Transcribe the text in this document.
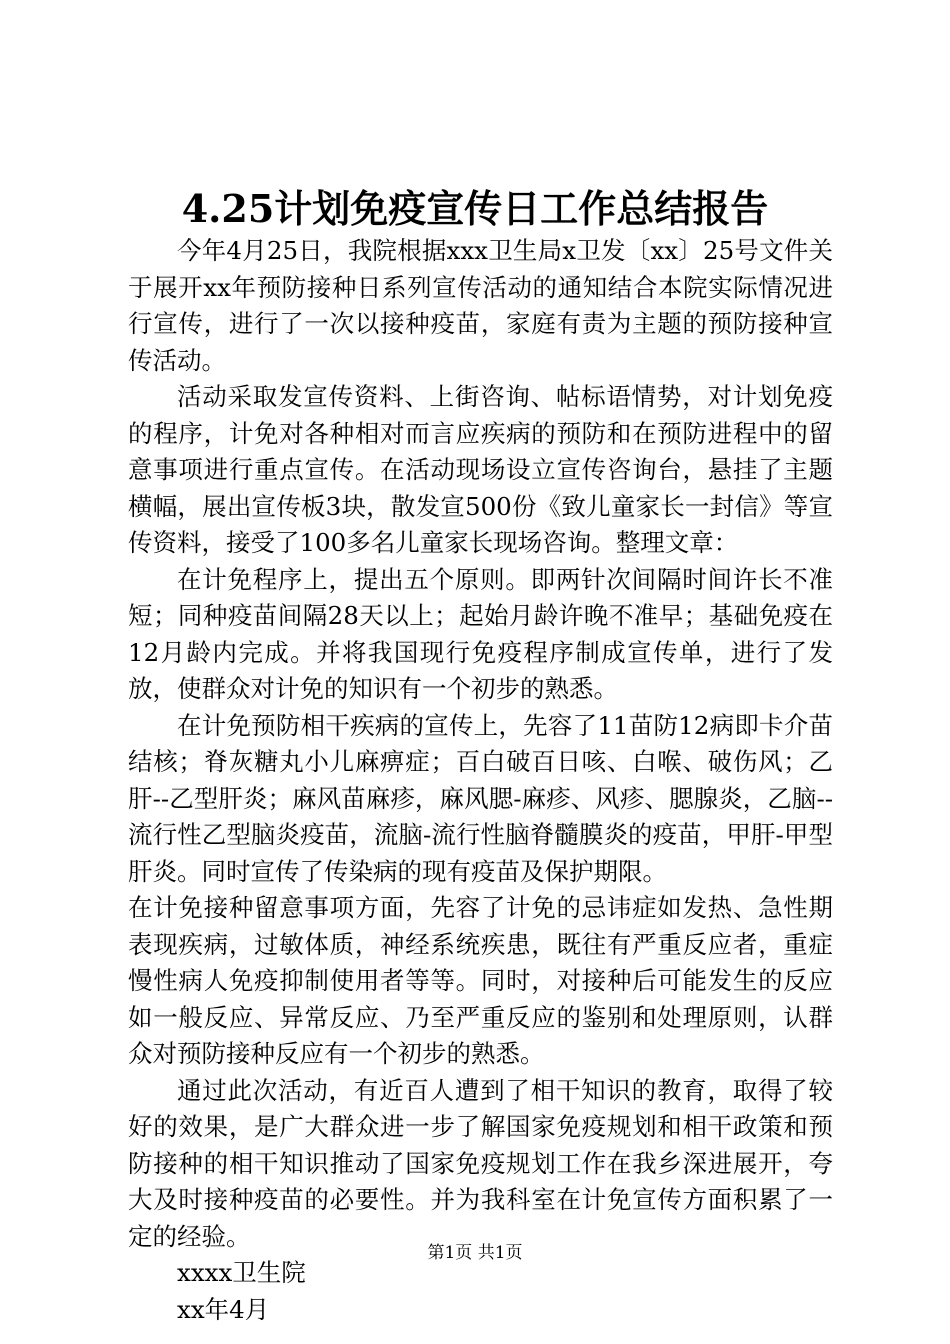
4.25计划免疫宣传日工作总结报告

今年4月25日，我院根据xxx卫生局x卫发〔xx〕25号文件关于展开xx年预防接种日系列宣传活动的通知结合本院实际情况进行宣传，进行了一次以接种疫苗，家庭有责为主题的预防接种宣传活动。

活动采取发宣传资料、上街咨询、帖标语情势，对计划免疫的程序，计免对各种相对而言应疾病的预防和在预防进程中的留意事项进行重点宣传。在活动现场设立宣传咨询台，悬挂了主题横幅，展出宣传板3块，散发宣500份《致儿童家长一封信》等宣传资料，接受了100多名儿童家长现场咨询。整理文章：

在计免程序上，提出五个原则。即两针次间隔时间许长不准短；同种疫苗间隔28天以上；起始月龄许晚不准早；基础免疫在12月龄内完成。并将我国现行免疫程序制成宣传单，进行了发放，使群众对计免的知识有一个初步的熟悉。

在计免预防相干疾病的宣传上，先容了11苗防12病即卡介苗结核；脊灰糖丸小儿麻痹症；百白破百日咳、白喉、破伤风；乙肝--乙型肝炎；麻风苗麻疹，麻风腮-麻疹、风疹、腮腺炎，乙脑--流行性乙型脑炎疫苗，流脑-流行性脑脊髓膜炎的疫苗，甲肝-甲型肝炎。同时宣传了传染病的现有疫苗及保护期限。

在计免接种留意事项方面，先容了计免的忌讳症如发热、急性期表现疾病，过敏体质，神经系统疾患，既往有严重反应者，重症慢性病人免疫抑制使用者等等。同时，对接种后可能发生的反应如一般反应、异常反应、乃至严重反应的鉴别和处理原则，认群众对预防接种反应有一个初步的熟悉。

通过此次活动，有近百人遭到了相干知识的教育，取得了较好的效果，是广大群众进一步了解国家免疫规划和相干政策和预防接种的相干知识推动了国家免疫规划工作在我乡深进展开，夸大及时接种疫苗的必要性。并为我科室在计免宣传方面积累了一定的经验。

xxxx卫生院

xx年4月

第1页 共1页
